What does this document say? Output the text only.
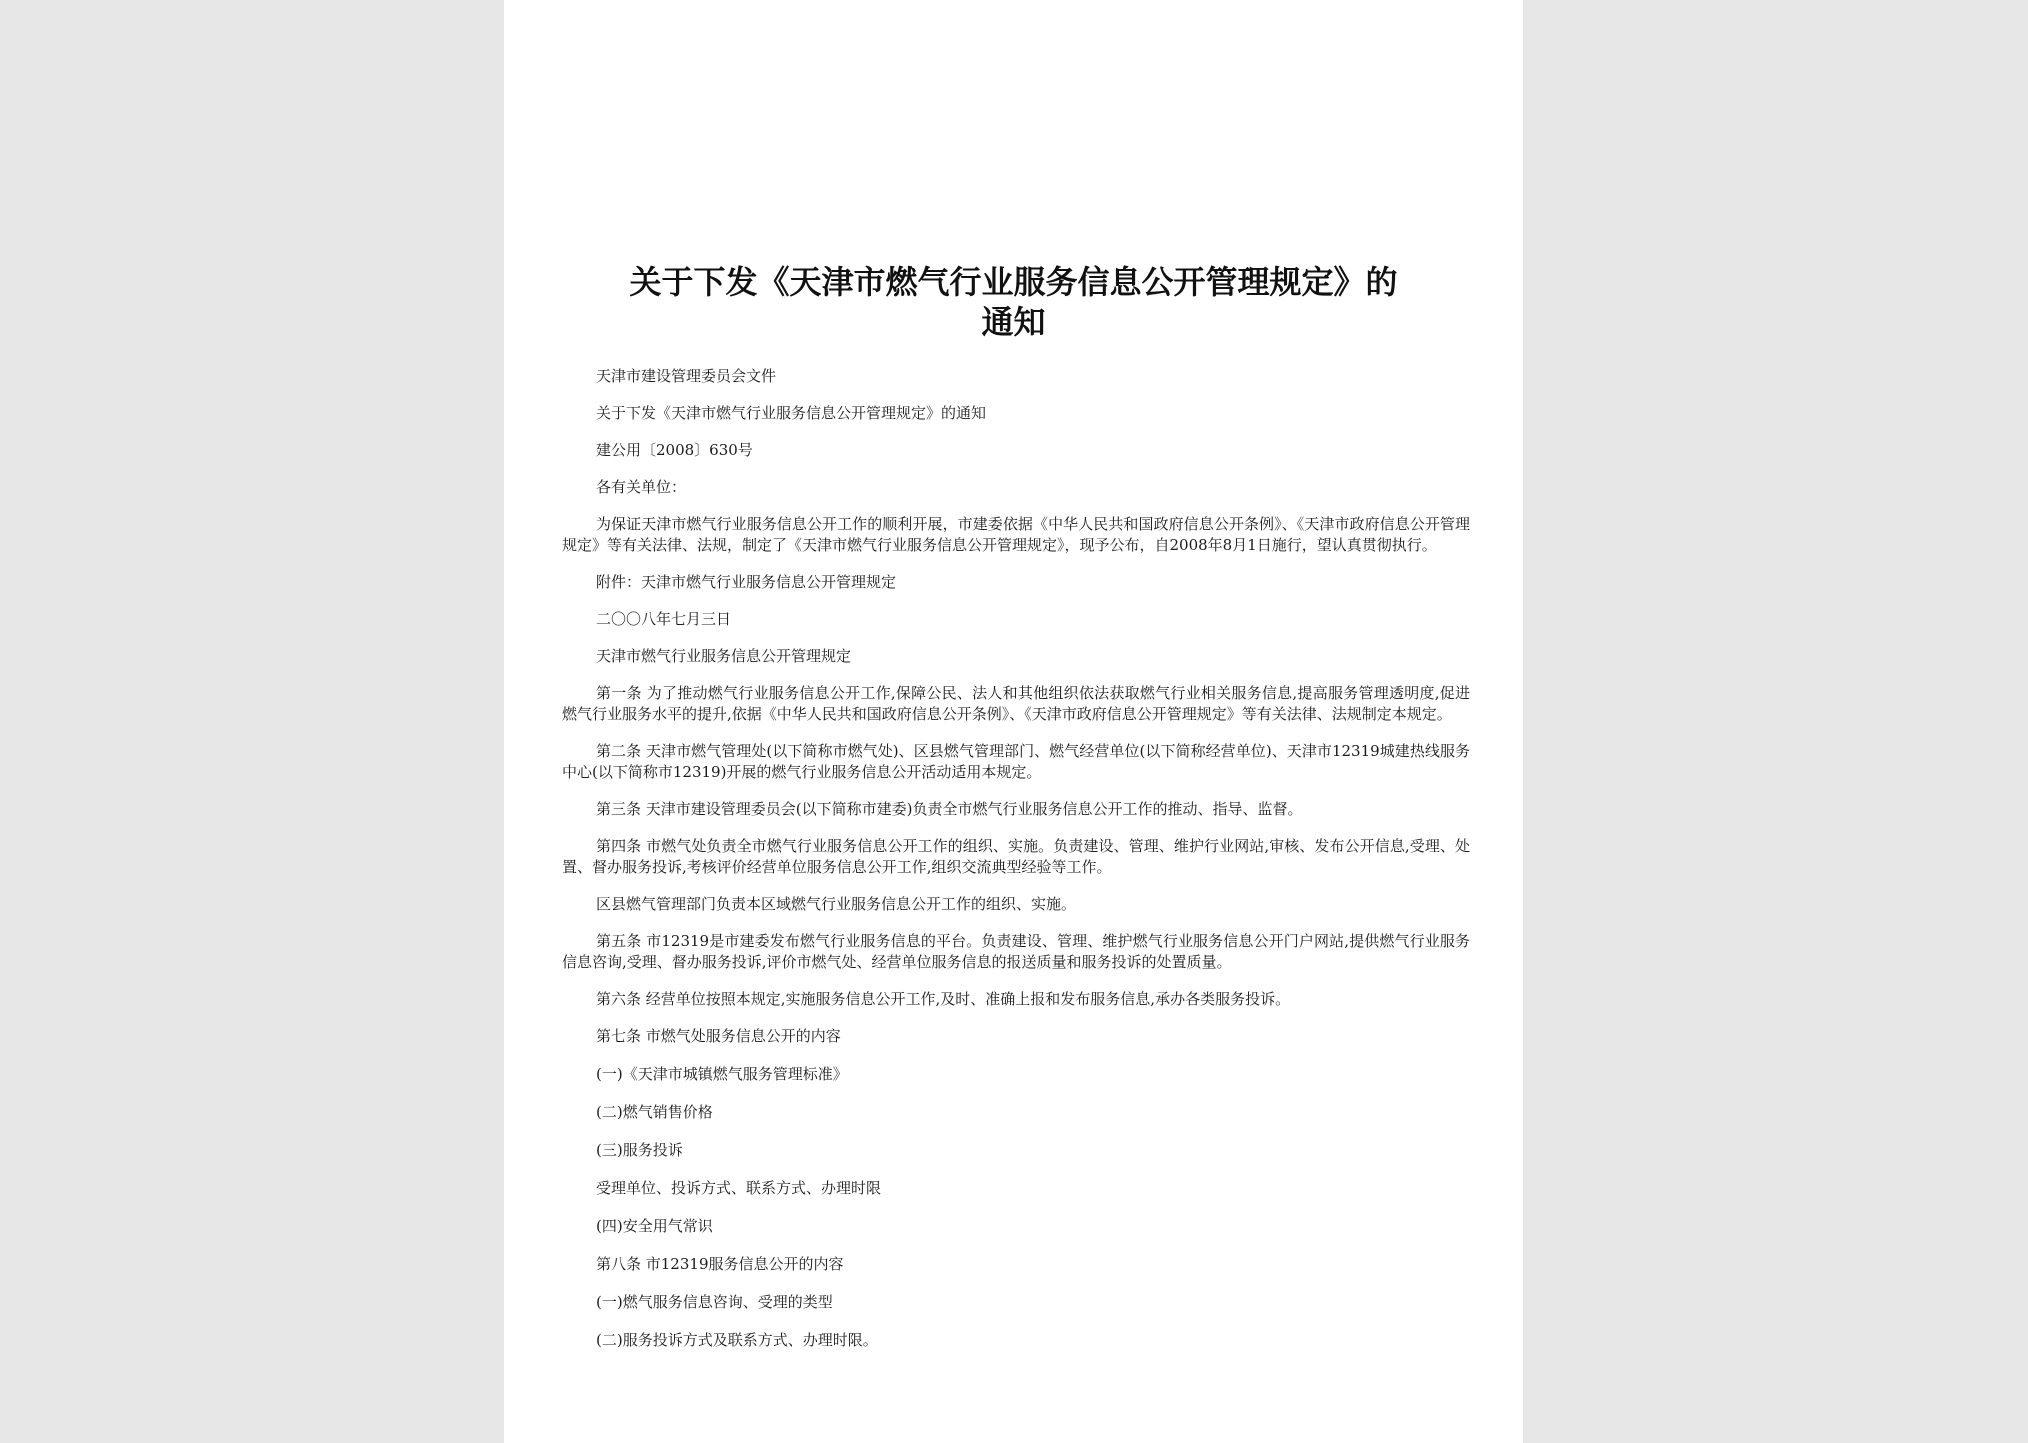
关于下发《天津市燃气行业服务信息公开管理规定》的
通知

天津市建设管理委员会文件

关于下发《天津市燃气行业服务信息公开管理规定》的通知

建公用〔2008〕630号

各有关单位：

为保证天津市燃气行业服务信息公开工作的顺利开展，市建委依据《中华人民共和国政府信息公开条例》、《天津市政府信息公开管理规定》等有关法律、法规，制定了《天津市燃气行业服务信息公开管理规定》，现予公布，自2008年8月1日施行，望认真贯彻执行。

附件：天津市燃气行业服务信息公开管理规定

二〇〇八年七月三日

天津市燃气行业服务信息公开管理规定

第一条 为了推动燃气行业服务信息公开工作,保障公民、法人和其他组织依法获取燃气行业相关服务信息,提高服务管理透明度,促进燃气行业服务水平的提升,依据《中华人民共和国政府信息公开条例》、《天津市政府信息公开管理规定》等有关法律、法规制定本规定。

第二条 天津市燃气管理处(以下简称市燃气处)、区县燃气管理部门、燃气经营单位(以下简称经营单位)、天津市12319城建热线服务中心(以下简称市12319)开展的燃气行业服务信息公开活动适用本规定。

第三条 天津市建设管理委员会(以下简称市建委)负责全市燃气行业服务信息公开工作的推动、指导、监督。

第四条 市燃气处负责全市燃气行业服务信息公开工作的组织、实施。负责建设、管理、维护行业网站,审核、发布公开信息,受理、处置、督办服务投诉,考核评价经营单位服务信息公开工作,组织交流典型经验等工作。

区县燃气管理部门负责本区域燃气行业服务信息公开工作的组织、实施。

第五条 市12319是市建委发布燃气行业服务信息的平台。负责建设、管理、维护燃气行业服务信息公开门户网站,提供燃气行业服务信息咨询,受理、督办服务投诉,评价市燃气处、经营单位服务信息的报送质量和服务投诉的处置质量。

第六条 经营单位按照本规定,实施服务信息公开工作,及时、准确上报和发布服务信息,承办各类服务投诉。

第七条 市燃气处服务信息公开的内容

(一)《天津市城镇燃气服务管理标准》

(二)燃气销售价格

(三)服务投诉

受理单位、投诉方式、联系方式、办理时限

(四)安全用气常识

第八条 市12319服务信息公开的内容

(一)燃气服务信息咨询、受理的类型

(二)服务投诉方式及联系方式、办理时限。
